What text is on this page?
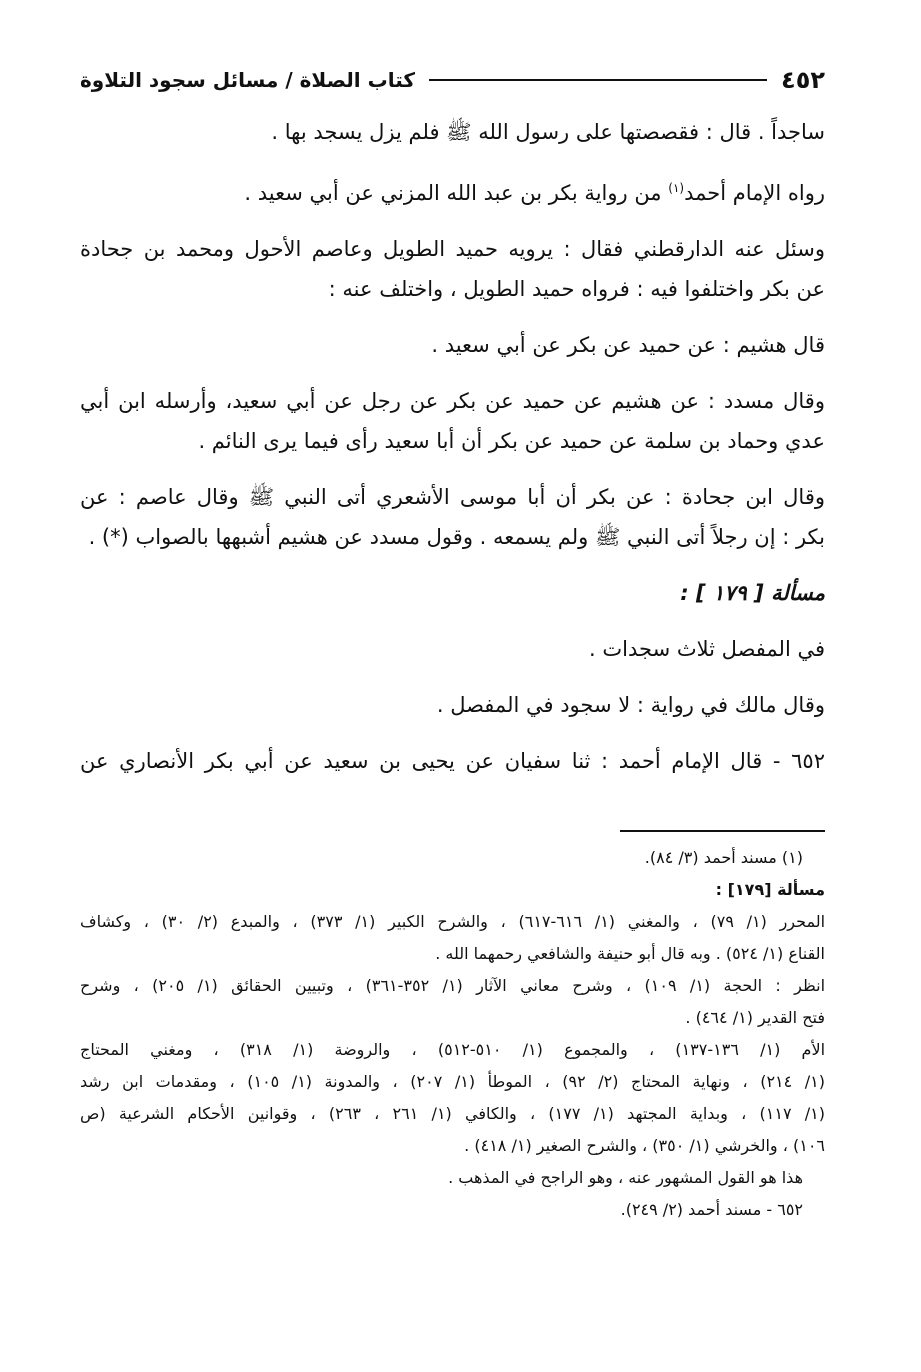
٤٥٢
كتاب الصلاة / مسائل سجود التلاوة
ساجداً . قال : فقصصتها على رسول الله ﷺ فلم يزل يسجد بها .
رواه الإمام أحمد$^{(١)}$ من رواية بكر بن عبد الله المزني عن أبي سعيد .
وسئل عنه الدارقطني فقال : يرويه حميد الطويل وعاصم الأحول ومحمد بن جحادة
عن بكر واختلفوا فيه : فرواه حميد الطويل ، واختلف عنه :
قال هشيم : عن حميد عن بكر عن أبي سعيد .
وقال مسدد : عن هشيم عن حميد عن بكر عن رجل عن أبي سعيد، وأرسله ابن أبي
عدي وحماد بن سلمة عن حميد عن بكر أن أبا سعيد رأى فيما يرى النائم .
وقال ابن جحادة : عن بكر أن أبا موسى الأشعري أتى النبي ﷺ وقال عاصم : عن
بكر : إن رجلاً أتى النبي ﷺ ولم يسمعه . وقول مسدد عن هشيم أشبهها بالصواب (*) .
مسألة [ ١٧٩ ] :
في المفصل ثلاث سجدات .
وقال مالك في رواية : لا سجود في المفصل .
٦٥٢ - قال الإمام أحمد : ثنا سفيان عن يحيى بن سعيد عن أبي بكر الأنصاري عن
(١) مسند أحمد (٣/ ٨٤).
مسألة [١٧٩] :
المحرر (١/ ٧٩) ، والمغني (١/ ٦١٦-٦١٧) ، والشرح الكبير (١/ ٣٧٣) ، والمبدع (٢/ ٣٠) ، وكشاف
القناع (١/ ٥٢٤) . وبه قال أبو حنيفة والشافعي رحمهما الله .
انظر : الحجة (١/ ١٠٩) ، وشرح معاني الآثار (١/ ٣٥٢-٣٦١) ، وتبيين الحقائق (١/ ٢٠٥) ، وشرح
فتح القدير (١/ ٤٦٤) .
الأم (١/ ١٣٦-١٣٧) ، والمجموع (١/ ٥١٠-٥١٢) ، والروضة (١/ ٣١٨) ، ومغني المحتاج
(١/ ٢١٤) ، ونهاية المحتاج (٢/ ٩٢) ، الموطأ (١/ ٢٠٧) ، والمدونة (١/ ١٠٥) ، ومقدمات ابن رشد
(١/ ١١٧) ، وبداية المجتهد (١/ ١٧٧) ، والكافي (١/ ٢٦١ ، ٢٦٣) ، وقوانين الأحكام الشرعية (ص
١٠٦) ، والخرشي (١/ ٣٥٠) ، والشرح الصغير (١/ ٤١٨) .
هذا هو القول المشهور عنه ، وهو الراجح في المذهب .
٦٥٢ - مسند أحمد (٢/ ٢٤٩).
